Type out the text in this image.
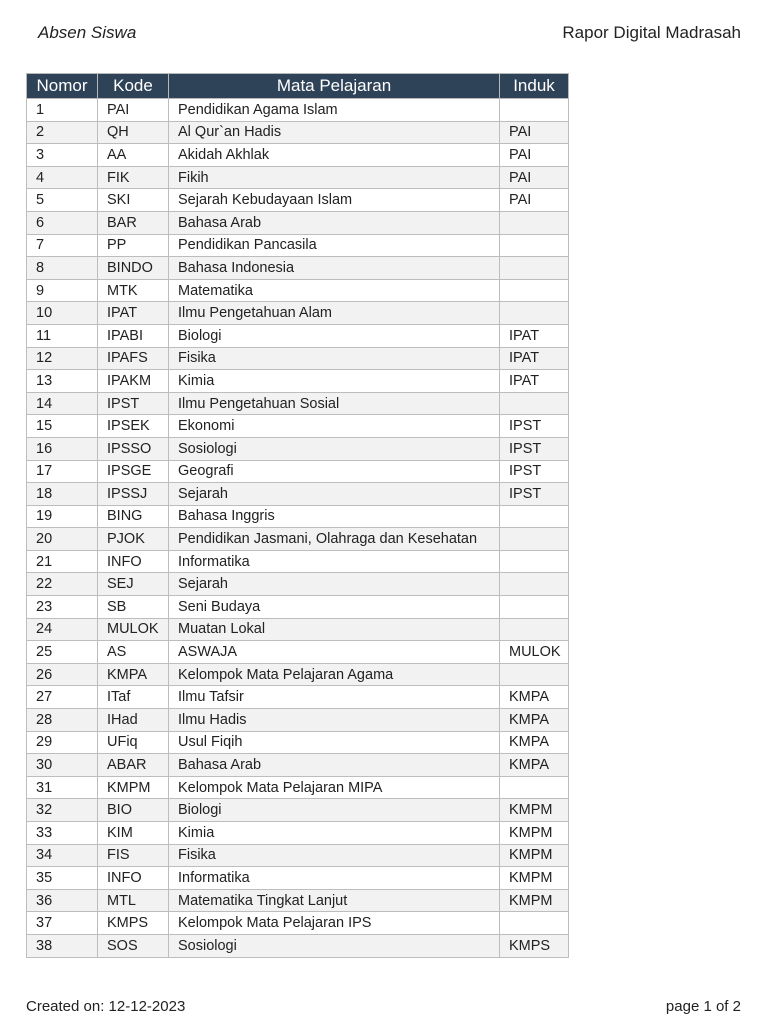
Absen Siswa	Rapor Digital Madrasah
Nomor	Kode	Mata Pelajaran	Induk
1	PAI	Pendidikan Agama Islam	
2	QH	Al Qur`an Hadis	PAI
3	AA	Akidah Akhlak	PAI
4	FIK	Fikih	PAI
5	SKI	Sejarah Kebudayaan Islam	PAI
6	BAR	Bahasa Arab	
7	PP	Pendidikan Pancasila	
8	BINDO	Bahasa Indonesia	
9	MTK	Matematika	
10	IPAT	Ilmu Pengetahuan Alam	
11	IPABI	Biologi	IPAT
12	IPAFS	Fisika	IPAT
13	IPAKM	Kimia	IPAT
14	IPST	Ilmu Pengetahuan Sosial	
15	IPSEK	Ekonomi	IPST
16	IPSSO	Sosiologi	IPST
17	IPSGE	Geografi	IPST
18	IPSSJ	Sejarah	IPST
19	BING	Bahasa Inggris	
20	PJOK	Pendidikan Jasmani, Olahraga dan Kesehatan	
21	INFO	Informatika	
22	SEJ	Sejarah	
23	SB	Seni Budaya	
24	MULOK	Muatan Lokal	
25	AS	ASWAJA	MULOK
26	KMPA	Kelompok Mata Pelajaran Agama	
27	ITaf	Ilmu Tafsir	KMPA
28	IHad	Ilmu Hadis	KMPA
29	UFiq	Usul Fiqih	KMPA
30	ABAR	Bahasa Arab	KMPA
31	KMPM	Kelompok Mata Pelajaran MIPA	
32	BIO	Biologi	KMPM
33	KIM	Kimia	KMPM
34	FIS	Fisika	KMPM
35	INFO	Informatika	KMPM
36	MTL	Matematika Tingkat Lanjut	KMPM
37	KMPS	Kelompok Mata Pelajaran IPS	
38	SOS	Sosiologi	KMPS
Created on: 12-12-2023	page 1 of 2
